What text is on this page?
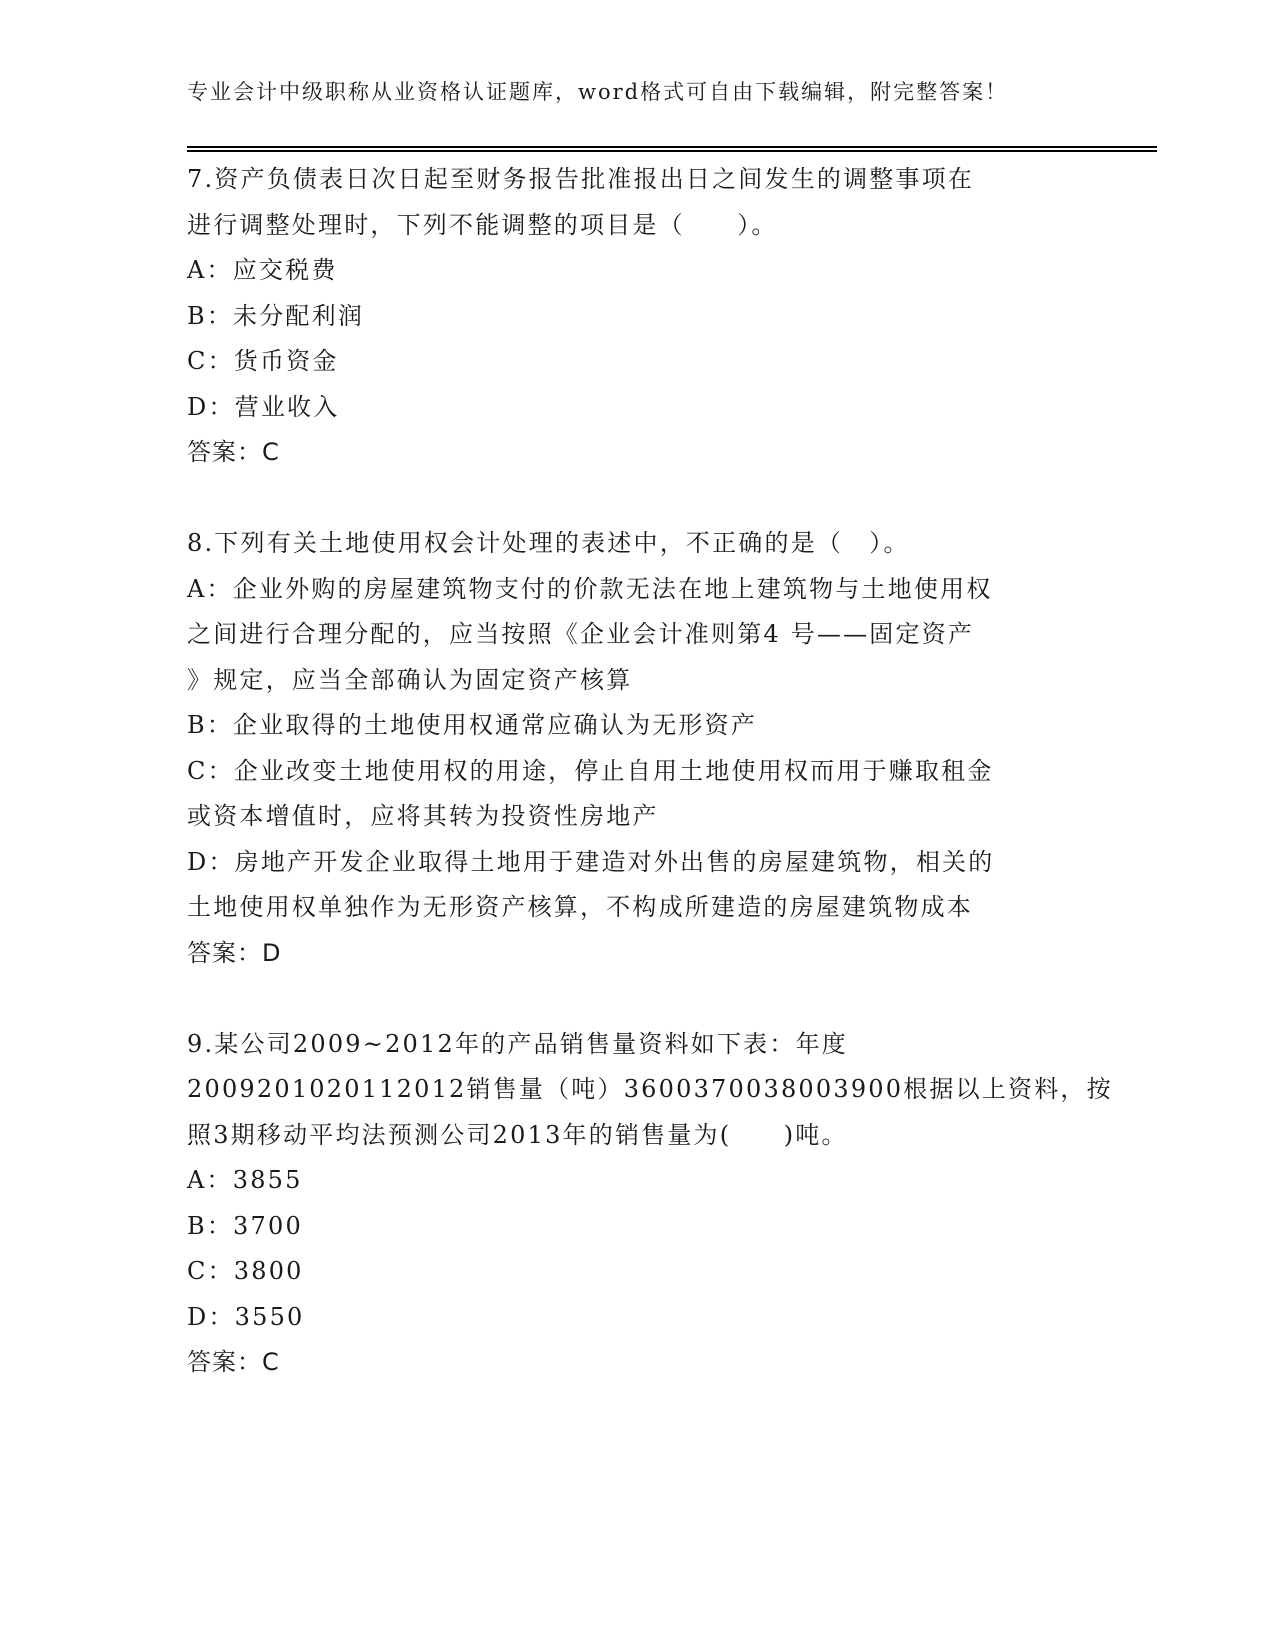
专业会计中级职称从业资格认证题库，word格式可自由下载编辑，附完整答案！
7.资产负债表日次日起至财务报告批准报出日之间发生的调整事项在
进行调整处理时，下列不能调整的项目是（　　）。
A：应交税费
B：未分配利润
C：货币资金
D：营业收入
答案：C
8.下列有关土地使用权会计处理的表述中，不正确的是（　）。
A：企业外购的房屋建筑物支付的价款无法在地上建筑物与土地使用权
之间进行合理分配的，应当按照《企业会计准则第4 号——固定资产
》规定，应当全部确认为固定资产核算
B：企业取得的土地使用权通常应确认为无形资产
C：企业改变土地使用权的用途，停止自用土地使用权而用于赚取租金
或资本增值时，应将其转为投资性房地产
D：房地产开发企业取得土地用于建造对外出售的房屋建筑物，相关的
土地使用权单独作为无形资产核算，不构成所建造的房屋建筑物成本
答案：D
9.某公司2009~2012年的产品销售量资料如下表：年度
2009201020112012销售量（吨）3600370038003900根据以上资料，按
照3期移动平均法预测公司2013年的销售量为(　　)吨。
A：3855
B：3700
C：3800
D：3550
答案：C
